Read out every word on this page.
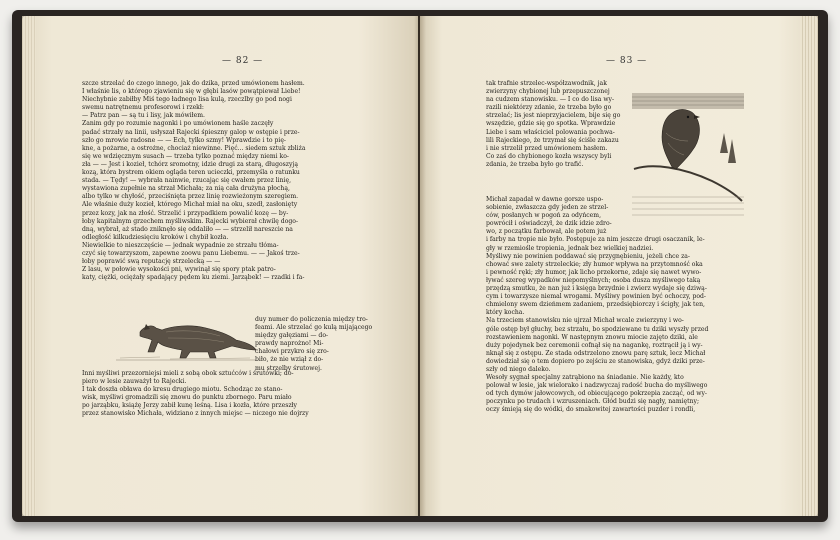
— 82 —	— 83 —
szcze strzelać do czego innego, jak do dzika, przed umówionem hasłem.
I właśnie lis, o którego zjawieniu się w głębi lasów powątpiewał Liebe!
Niechybnie zabiłby Miś tego ładnego lisa kulą, rzeczlby go pod nogi
swemu natrętnemu profesorowi i rzekł:
— Patrz pan — są tu i lisy, jak mówiłem.
Zanim gdy po rozumie nagonki i po umówionem haśle zaczęły
padać strzały na linii, usłyszał Rajecki śpieszny galop w ostępie i prze-
szło go mrowie radosne — — Ech, tylko szmy! Wprawdzie i to pię-
kne, a pożarne, a ostrożne, chociaż niewinne. Pięć... siedem sztuk zbliża
się we wdzięcznym susach — trzeba tylko poznać między niemi ko-
zła — — Jest i kozieł, tchórz sromotny, idzie drugi za starą, długoszyją
kozą, która bystrem okiem ogląda teren ucieczki, przemyśla o ratunku
stada. — Tędy! — wybrała nainwie, rzucając się cwałem przez linię,
wystawiona zupełnie na strzał Michała; za nią cała drużyna płochą,
albo tylko w chyłość, przeciśnięta przez linię rozwieżonym szeregiem.
Ale właśnie duży kozieł, którego Michał miał na oku, szedł, zasłonięty
przez kozy, jak na złość. Strzelić i przypadkiem powalić kozę — by-
łoby kapitalnym grzechem myśliwskim. Rajecki wybierał chwilę dogo-
dną, wybrał, aż stado zniknęło się oddaliło — — strzelił nareszcie na
odległość kilkudziesięciu kroków i chybił kozła.
Niewielkie to nieszczęście — jednak wypadnie ze strzału tłóma-
czyć się towarzyszom, zapewne zoowu panu Liebemu. — — Jakoś trze-
łoby poprawić swą reputację strzelecką — —
Z lasu, w połowie wysokości pni, wywinął się spory ptak patro-
katy, ciężki, ociężały spadający pędem ku ziemi. Jarząbek! — rzadki i fa-
duy numer do policzenia między tro-
feami. Ale strzelać go kulą mijającego
między gałęziami — do-
prawdy naprożno! Mi-
chałowi przykro się zro-
biło, że nie wziął z do-
mu strzelby śrutowej.
Inni myśliwi przezorniejsi mieli z sobą obok sztućców i śrutówki; do-
piero w lesie zauważył to Rajecki.
I tak doszła obława do kresu drugiego miotu. Schodząc ze stano-
wisk, myśliwi gromadzili się znowu do punktu zbornego. Paru miało
po jarząbku, książę Jerzy zabił kunę leśną. Lisa i kozła, które przeszły
przez stanowisko Michała, widziano z innych miejsc — niczego nie dojrzy
tak trafnie strzelec-współzawodnik, jak
zwierzyny chybionej lub przepuszczonej
na cudzem stanowisku. — I co do lisa wy-
razili niektórzy zdanie, że trzeba było go
strzelać; lis jest nieprzyjacielem, bije się go
wszędzie, gdzie się go spotka. Wprawdzie
Liebe i sam właściciel polowania pochwa-
lili Rajeckiego, że trzymał się ściśle zakazu
i nie strzelił przed umówionem hasłem.
Co zaś do chybionego kozła wszyscy byli
zdania, że trzeba było go trafić.
Michał zapadał w dawne gorsze uspo-
sobienie, zwłaszcza gdy jeden ze strzel-
ców, posłanych w pogoń za odyńcem,
powrócił i oświadczył, że dzik idzie zdro-
wo, z początku farbował, ale potem już
i farby na tropie nie było. Postępuje za nim jeszcze drugi osaczanik, le-
gły w rzemiośle tropienia, jednak bez wielkiej nadziei.
Myśliwy nie powinien poddawać się przygnębieniu, jeżeli chce za-
chować swe zalety strzeleckie; zły humor wpływa na przytomność oka
i pewność ręki; zły humor, jak licho przekorne, zdaje się nawet wywo-
ływać szereg wypadków niepomyślnych; osoba dusza myśliwego taką
przędzą smutku, że nan już i księga brzydnie i zwierz wydaje się dziwą-
cym i towarzysze niemal wrogami. Myśliwy powinien być ochoczy, pod-
chmielony swem dzieńmem zadaniem, przedsiębiorczy i ścigły, jak ten,
który kocha.
Na trzeciem stanowisku nie ujrzał Michał wcale zwierzyny i wo-
góle ostęp był głuchy, bez strzału, bo spodziewane tu dziki wyszły przed
rozstawieniem nagonki. W następnym znowu miocie zajęto dziki, ale
duży pojedynek bez ceremonii cofnął się na nagankę, roztrącił ją i wy-
nknął się z ostępu. Ze stada odstrzelono znowu parę sztuk, lecz Michał
dowiedział się o tem dopiero po zejściu ze stanowiska, gdyż dziki prze-
szły od niego daleko.
Wesoły sygnał specjalny zatrąbiono na śniadanie. Nie każdy, kto
polował w lesie, jak wielorako i nadzwyczaj radość bucha do myśliwego
od tych dymów jałowcowych, od obiecującego pokrzepia zacząć, od wy-
poczynku po trudach i wzruszeniach. Głód budzi się nagły, namiętny;
oczy śmieją się do wódki, do smakowitej zawartości puzder i rondli,
